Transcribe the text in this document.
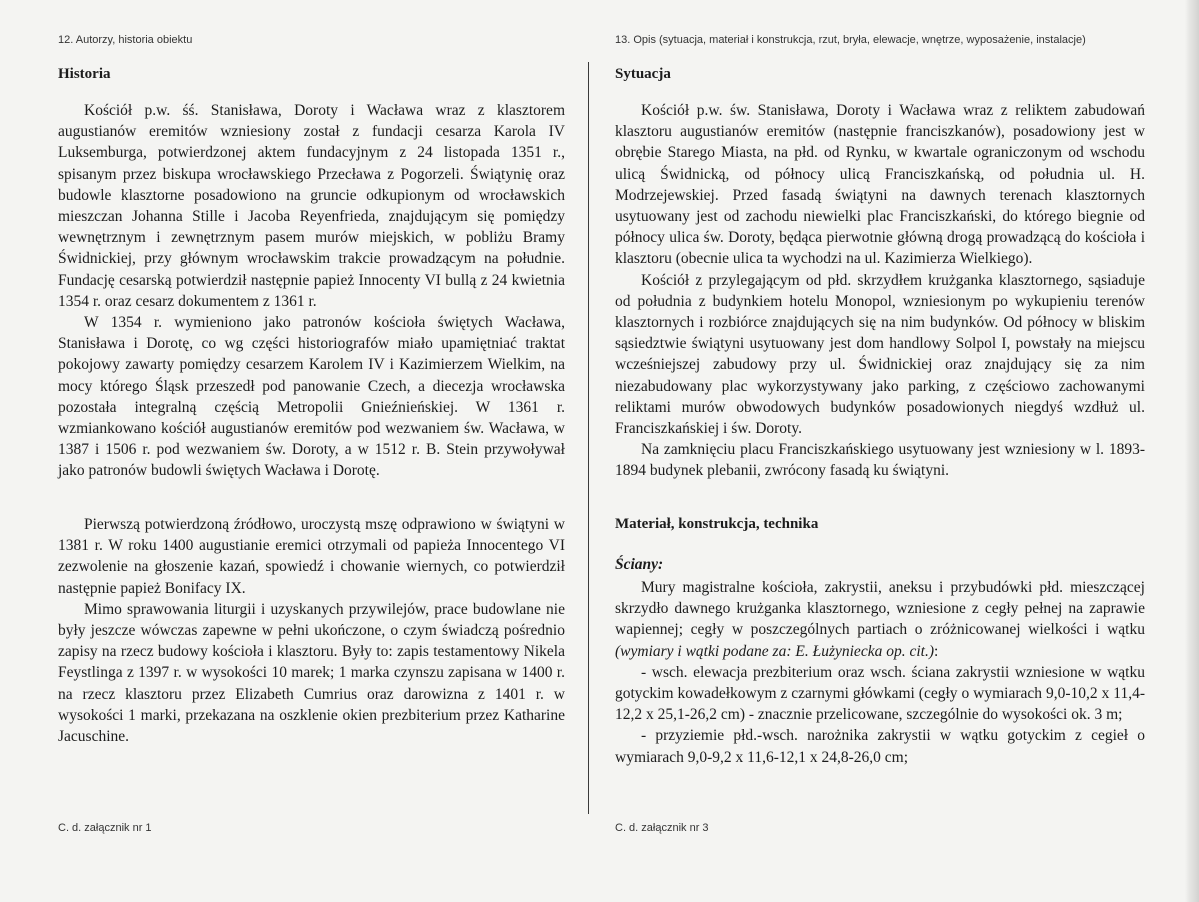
12. Autorzy, historia obiektu
Historia

Kościół p.w. śś. Stanisława, Doroty i Wacława wraz z klasztorem augustianów eremitów wzniesiony został z fundacji cesarza Karola IV Luksemburga, potwierdzonej aktem fundacyjnym z 24 listopada 1351 r., spisanym przez biskupa wrocławskiego Przecława z Pogorzeli. Świątynię oraz budowle klasztorne posadowiono na gruncie odkupionym od wrocławskich mieszczan Johanna Stille i Jacoba Reyenfrieda, znajdującym się pomiędzy wewnętrznym i zewnętrznym pasem murów miejskich, w pobliżu Bramy Świdnickiej, przy głównym wrocławskim trakcie prowadzącym na południe. Fundację cesarską potwierdził następnie papież Innocenty VI bullą z 24 kwietnia 1354 r. oraz cesarz dokumentem z 1361 r.

W 1354 r. wymieniono jako patronów kościoła świętych Wacława, Stanisława i Dorotę, co wg części historiografów miało upamiętniać traktat pokojowy zawarty pomiędzy cesarzem Karolem IV i Kazimierzem Wielkim, na mocy którego Śląsk przeszedł pod panowanie Czech, a diecezja wrocławska pozostała integralną częścią Metropolii Gnieźnieńskiej. W 1361 r. wzmiankowano kościół augustianów eremitów pod wezwaniem św. Wacława, w 1387 i 1506 r. pod wezwaniem św. Doroty, a w 1512 r. B. Stein przywoływał jako patronów budowli świętych Wacława i Dorotę.

Pierwszą potwierdzoną źródłowo, uroczystą mszę odprawiono w świątyni w 1381 r. W roku 1400 augustianie eremici otrzymali od papieża Innocentego VI zezwolenie na głoszenie kazań, spowiedź i chowanie wiernych, co potwierdził następnie papież Bonifacy IX.

Mimo sprawowania liturgii i uzyskanych przywilejów, prace budowlane nie były jeszcze wówczas zapewne w pełni ukończone, o czym świadczą pośrednio zapisy na rzecz budowy kościoła i klasztoru. Były to: zapis testamentowy Nikela Feystlinga z 1397 r. w wysokości 10 marek; 1 marka czynszu zapisana w 1400 r. na rzecz klasztoru przez Elizabeth Cumrius oraz darowizna z 1401 r. w wysokości 1 marki, przekazana na oszklenie okien prezbiterium przez Katharine Jacuschine.

C. d. załącznik nr 1
13. Opis (sytuacja, materiał i konstrukcja, rzut, bryła, elewacje, wnętrze, wyposażenie, instalacje)
Sytuacja

Kościół p.w. św. Stanisława, Doroty i Wacława wraz z reliktem zabudowań klasztoru augustianów eremitów (następnie franciszkanów), posadowiony jest w obrębie Starego Miasta, na płd. od Rynku, w kwartale ograniczonym od wschodu ulicą Świdnicką, od północy ulicą Franciszkańską, od południa ul. H. Modrzejewskiej. Przed fasadą świątyni na dawnych terenach klasztornych usytuowany jest od zachodu niewielki plac Franciszkański, do którego biegnie od północy ulica św. Doroty, będąca pierwotnie główną drogą prowadzącą do kościoła i klasztoru (obecnie ulica ta wychodzi na ul. Kazimierza Wielkiego).

Kościół z przylegającym od płd. skrzydłem krużganka klasztornego, sąsiaduje od południa z budynkiem hotelu Monopol, wzniesionym po wykupieniu terenów klasztornych i rozbiórce znajdujących się na nim budynków. Od północy w bliskim sąsiedztwie świątyni usytuowany jest dom handlowy Solpol I, powstały na miejscu wcześniejszej zabudowy przy ul. Świdnickiej oraz znajdujący się za nim niezabudowany plac wykorzystywany jako parking, z częściowo zachowanymi reliktami murów obwodowych budynków posadowionych niegdyś wzdłuż ul. Franciszkańskiej i św. Doroty.

Na zamknięciu placu Franciszkańskiego usytuowany jest wzniesiony w l. 1893-1894 budynek plebanii, zwrócony fasadą ku świątyni.

Materiał, konstrukcja, technika
Ściany:

Mury magistralne kościoła, zakrystii, aneksu i przybudówki płd. mieszczącej skrzydło dawnego krużganka klasztornego, wzniesione z cegły pełnej na zaprawie wapiennej; cegły w poszczególnych partiach o zróżnicowanej wielkości i wątku (wymiary i wątki podane za: E. Łużyniecka op. cit.):

- wsch. elewacja prezbiterium oraz wsch. ściana zakrystii wzniesione w wątku gotyckim kowadełkowym z czarnymi główkami (cegły o wymiarach 9,0-10,2 x 11,4-12,2 x 25,1-26,2 cm) - znacznie przelicowane, szczególnie do wysokości ok. 3 m;

- przyziemie płd.-wsch. narożnika zakrystii w wątku gotyckim z cegieł o wymiarach 9,0-9,2 x 11,6-12,1 x 24,8-26,0 cm;

C. d. załącznik nr 3
